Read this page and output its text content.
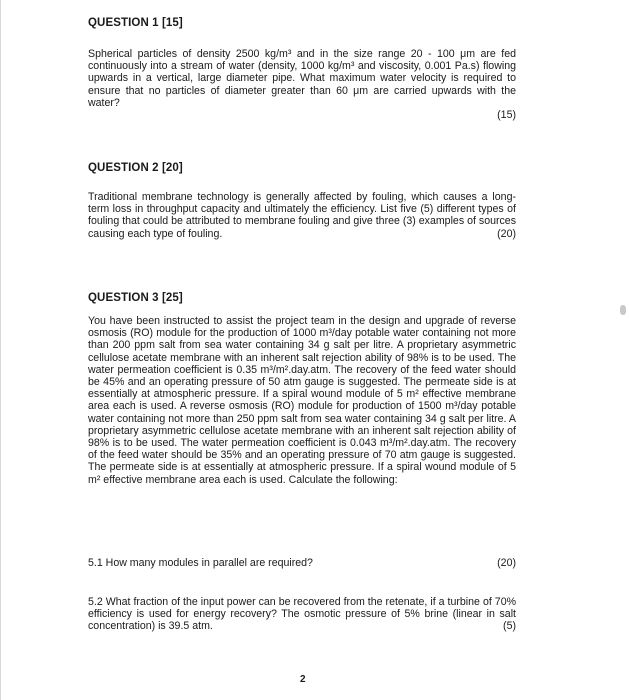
QUESTION 1 [15]
Spherical particles of density 2500 kg/m³ and in the size range 20 - 100 μm are fed continuously into a stream of water (density, 1000 kg/m³ and viscosity, 0.001 Pa.s) flowing upwards in a vertical, large diameter pipe. What maximum water velocity is required to ensure that no particles of diameter greater than 60 μm are carried upwards with the water?
(15)
QUESTION 2 [20]
Traditional membrane technology is generally affected by fouling, which causes a long-term loss in throughput capacity and ultimately the efficiency. List five (5) different types of fouling that could be attributed to membrane fouling and give three (3) examples of sources causing each type of fouling.	(20)
QUESTION 3 [25]
You have been instructed to assist the project team in the design and upgrade of reverse osmosis (RO) module for the production of 1000 m³/day potable water containing not more than 200 ppm salt from sea water containing 34 g salt per litre. A proprietary asymmetric cellulose acetate membrane with an inherent salt rejection ability of 98% is to be used. The water permeation coefficient is 0.35 m³/m².day.atm. The recovery of the feed water should be 45% and an operating pressure of 50 atm gauge is suggested. The permeate side is at essentially at atmospheric pressure. If a spiral wound module of 5 m² effective membrane area each is used. A reverse osmosis (RO) module for production of 1500 m³/day potable water containing not more than 250 ppm salt from sea water containing 34 g salt per litre. A proprietary asymmetric cellulose acetate membrane with an inherent salt rejection ability of 98% is to be used. The water permeation coefficient is 0.043 m³/m².day.atm. The recovery of the feed water should be 35% and an operating pressure of 70 atm gauge is suggested. The permeate side is at essentially at atmospheric pressure. If a spiral wound module of 5 m² effective membrane area each is used. Calculate the following:
5.1 How many modules in parallel are required?	(20)
5.2 What fraction of the input power can be recovered from the retenate, if a turbine of 70% efficiency is used for energy recovery? The osmotic pressure of 5% brine (linear in salt concentration) is 39.5 atm.	(5)
2
